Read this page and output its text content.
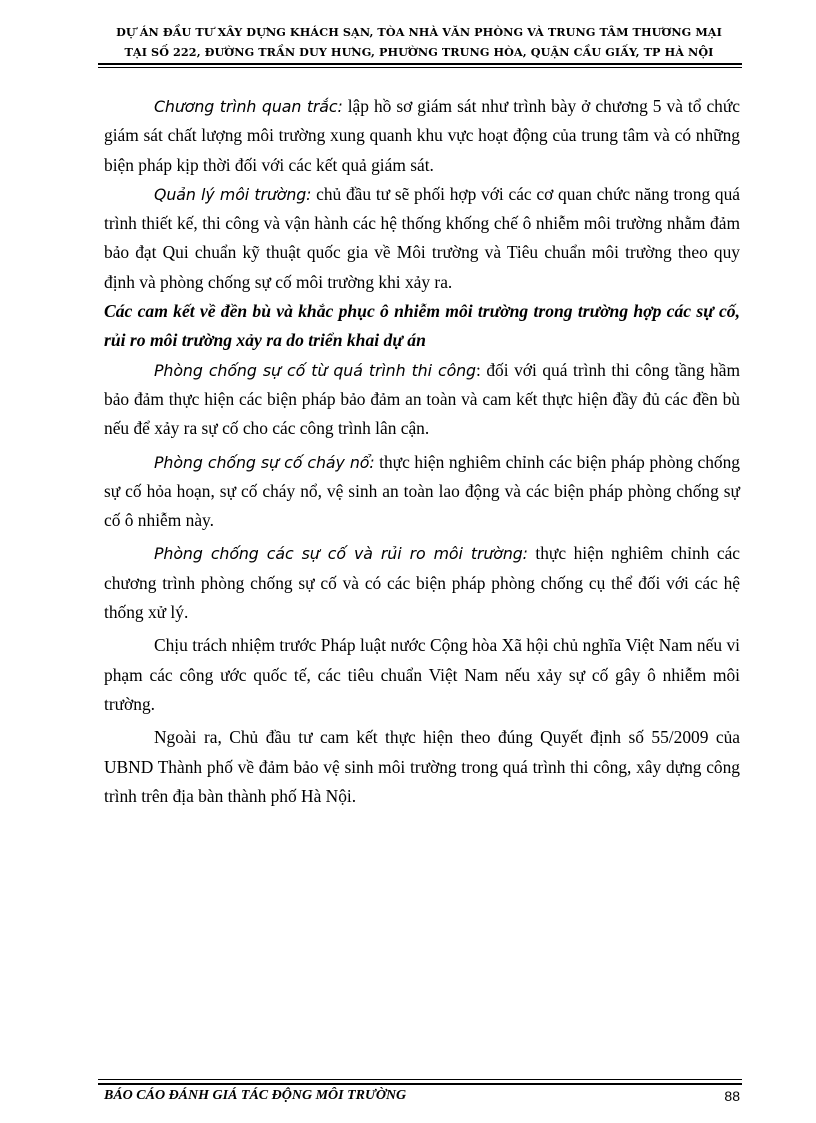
DỰ ÁN ĐẦU TƯ XÂY DỰNG KHÁCH SẠN, TÒA NHÀ VĂN PHÒNG VÀ TRUNG TÂM THƯƠNG MẠI
TẠI SỐ 222, ĐƯỜNG TRẦN DUY HƯNG, PHƯỜNG TRUNG HÒA, QUẬN CẦU GIẤY, TP HÀ NỘI

Chương trình quan trắc: lập hồ sơ giám sát như trình bày ở chương 5 và tổ chức giám sát chất lượng môi trường xung quanh khu vực hoạt động của trung tâm và có những biện pháp kịp thời đối với các kết quả giám sát.

Quản lý môi trường: chủ đầu tư sẽ phối hợp với các cơ quan chức năng trong quá trình thiết kế, thi công và vận hành các hệ thống khống chế ô nhiễm môi trường nhằm đảm bảo đạt Qui chuẩn kỹ thuật quốc gia về Môi trường và Tiêu chuẩn môi trường theo quy định và phòng chống sự cố môi trường khi xảy ra.

Các cam kết về đền bù và khắc phục ô nhiễm môi trường trong trường hợp các sự cố, rủi ro môi trường xảy ra do triển khai dự án

Phòng chống sự cố từ quá trình thi công: đối với quá trình thi công tầng hầm bảo đảm thực hiện các biện pháp bảo đảm an toàn và cam kết thực hiện đầy đủ các đền bù nếu để xảy ra sự cố cho các công trình lân cận.

Phòng chống sự cố cháy nổ: thực hiện nghiêm chỉnh các biện pháp phòng chống sự cố hỏa hoạn, sự cố cháy nổ, vệ sinh an toàn lao động và các biện pháp phòng chống sự cố ô nhiễm này.

Phòng chống các sự cố và rủi ro môi trường: thực hiện nghiêm chỉnh các chương trình phòng chống sự cố và có các biện pháp phòng chống cụ thể đối với các hệ thống xử lý.

Chịu trách nhiệm trước Pháp luật nước Cộng hòa Xã hội chủ nghĩa Việt Nam nếu vi phạm các công ước quốc tế, các tiêu chuẩn Việt Nam nếu xảy sự cố gây ô nhiễm môi trường.

Ngoài ra, Chủ đầu tư cam kết thực hiện theo đúng Quyết định số 55/2009 của UBND Thành phố về đảm bảo vệ sinh môi trường trong quá trình thi công, xây dựng công trình trên địa bàn thành phố Hà Nội.

BÁO CÁO ĐÁNH GIÁ TÁC ĐỘNG MÔI TRƯỜNG	88
